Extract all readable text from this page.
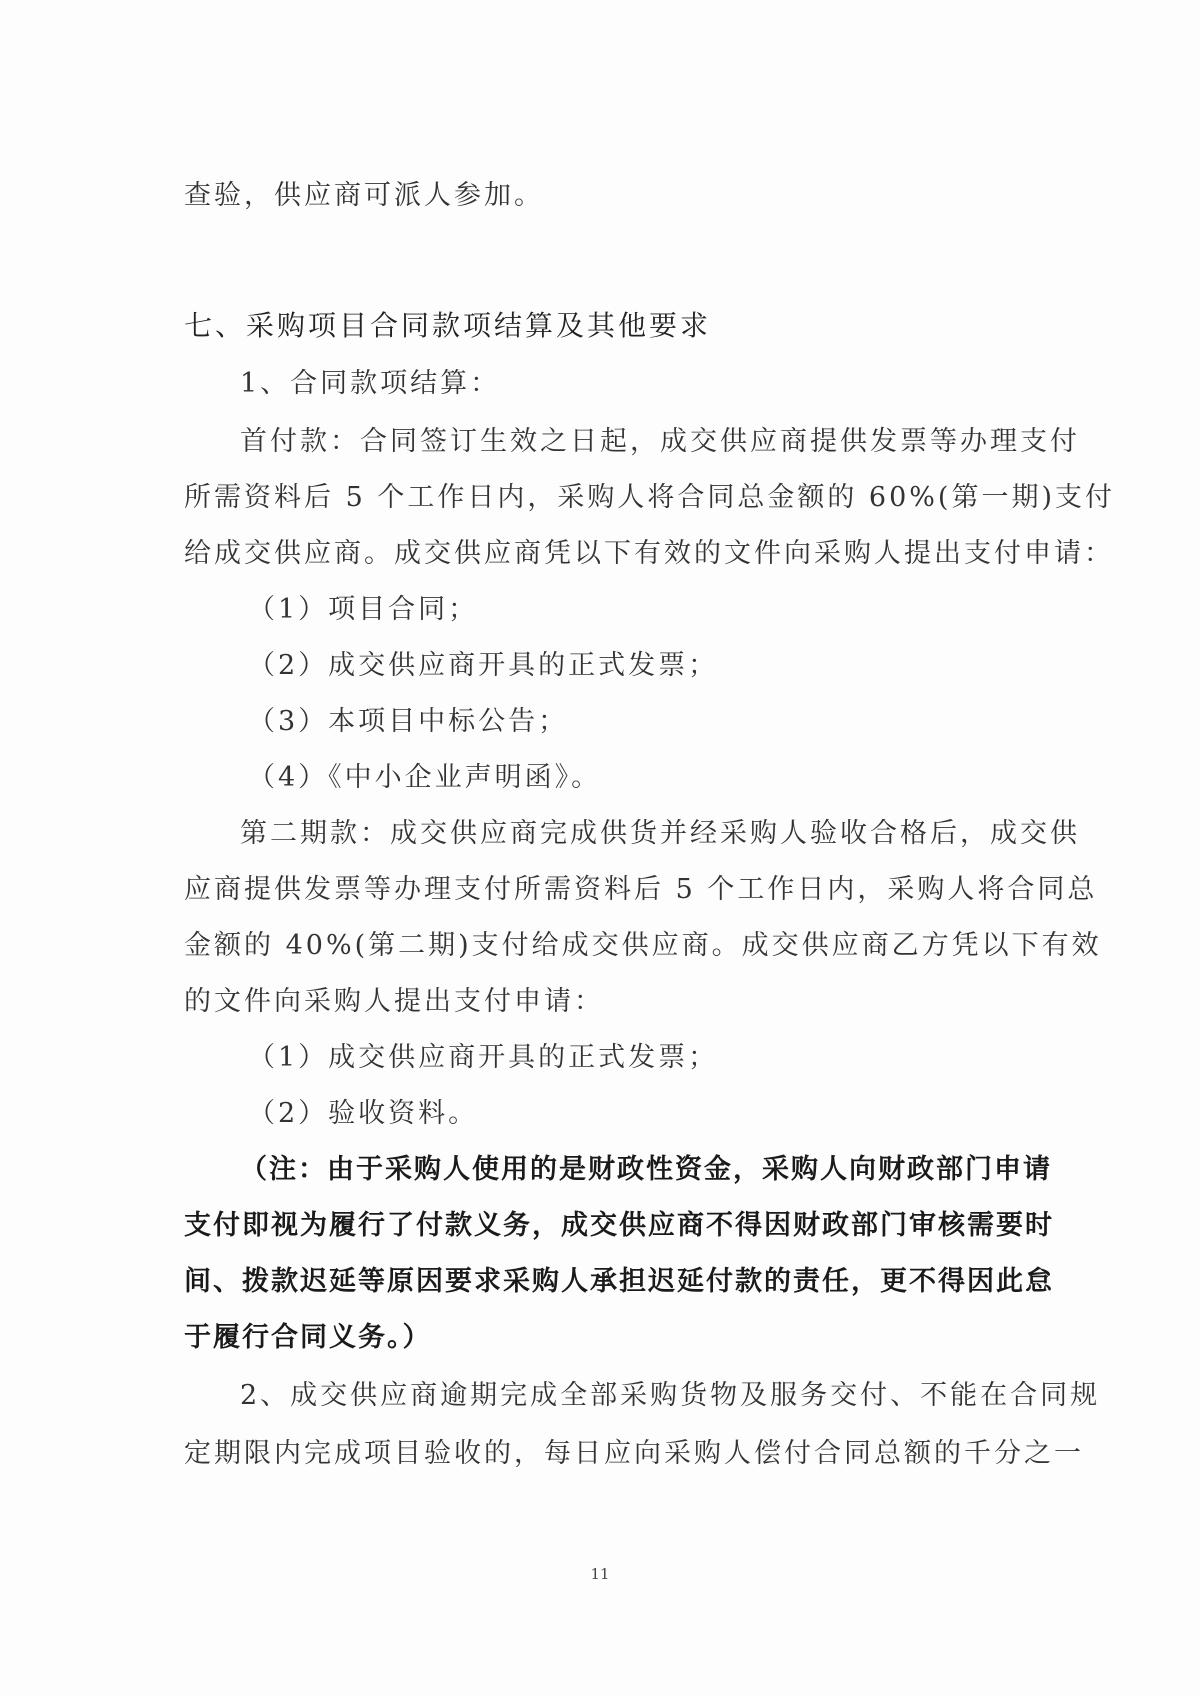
查验，供应商可派人参加。
七、采购项目合同款项结算及其他要求
1、合同款项结算：
首付款：合同签订生效之日起，成交供应商提供发票等办理支付
所需资料后 5 个工作日内，采购人将合同总金额的 60%(第一期)支付
给成交供应商。成交供应商凭以下有效的文件向采购人提出支付申请：
（1）项目合同；
（2）成交供应商开具的正式发票；
（3）本项目中标公告；
（4）《中小企业声明函》。
第二期款：成交供应商完成供货并经采购人验收合格后，成交供
应商提供发票等办理支付所需资料后 5 个工作日内，采购人将合同总
金额的 40%(第二期)支付给成交供应商。成交供应商乙方凭以下有效
的文件向采购人提出支付申请：
（1）成交供应商开具的正式发票；
（2）验收资料。
（注：由于采购人使用的是财政性资金，采购人向财政部门申请
支付即视为履行了付款义务，成交供应商不得因财政部门审核需要时
间、拨款迟延等原因要求采购人承担迟延付款的责任，更不得因此怠
于履行合同义务。）
2、成交供应商逾期完成全部采购货物及服务交付、不能在合同规
定期限内完成项目验收的，每日应向采购人偿付合同总额的千分之一
11
